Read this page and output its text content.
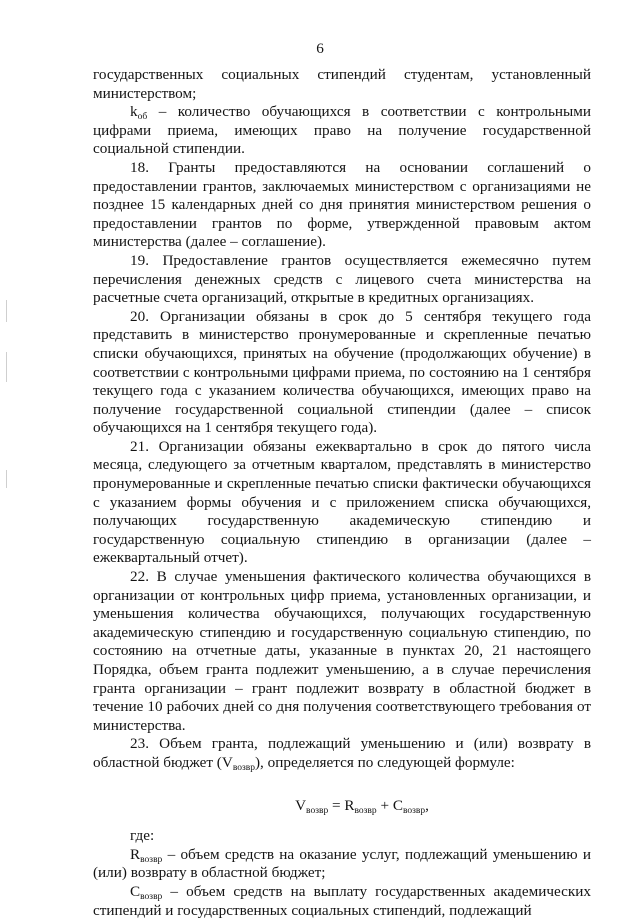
6

государственных социальных стипендий студентам, установленный министерством;

$k_{об}$ – количество обучающихся в соответствии с контрольными цифрами приема, имеющих право на получение государственной социальной стипендии.

18. Гранты предоставляются на основании соглашений о предоставлении грантов, заключаемых министерством с организациями не позднее 15 календарных дней со дня принятия министерством решения о предоставлении грантов по форме, утвержденной правовым актом министерства (далее – соглашение).

19. Предоставление грантов осуществляется ежемесячно путем перечисления денежных средств с лицевого счета министерства на расчетные счета организаций, открытые в кредитных организациях.

20. Организации обязаны в срок до 5 сентября текущего года представить в министерство пронумерованные и скрепленные печатью списки обучающихся, принятых на обучение (продолжающих обучение) в соответствии с контрольными цифрами приема, по состоянию на 1 сентября текущего года с указанием количества обучающихся, имеющих право на получение государственной социальной стипендии (далее – список обучающихся на 1 сентября текущего года).

21. Организации обязаны ежеквартально в срок до пятого числа месяца, следующего за отчетным кварталом, представлять в министерство пронумерованные и скрепленные печатью списки фактически обучающихся с указанием формы обучения и с приложением списка обучающихся, получающих государственную академическую стипендию и государственную социальную стипендию в организации (далее – ежеквартальный отчет).

22. В случае уменьшения фактического количества обучающихся в организации от контрольных цифр приема, установленных организации, и уменьшения количества обучающихся, получающих государственную академическую стипендию и государственную социальную стипендию, по состоянию на отчетные даты, указанные в пунктах 20, 21 настоящего Порядка, объем гранта подлежит уменьшению, а в случае перечисления гранта организации – грант подлежит возврату в областной бюджет в течение 10 рабочих дней со дня получения соответствующего требования от министерства.

23. Объем гранта, подлежащий уменьшению и (или) возврату в областной бюджет $(V_{возвр})$, определяется по следующей формуле:

$V_{возвр} = R_{возвр} + C_{возвр}$,

где:

$R_{возвр}$ – объем средств на оказание услуг, подлежащий уменьшению и (или) возврату в областной бюджет;

$C_{возвр}$ – объем средств на выплату государственных академических стипендий и государственных социальных стипендий, подлежащий
